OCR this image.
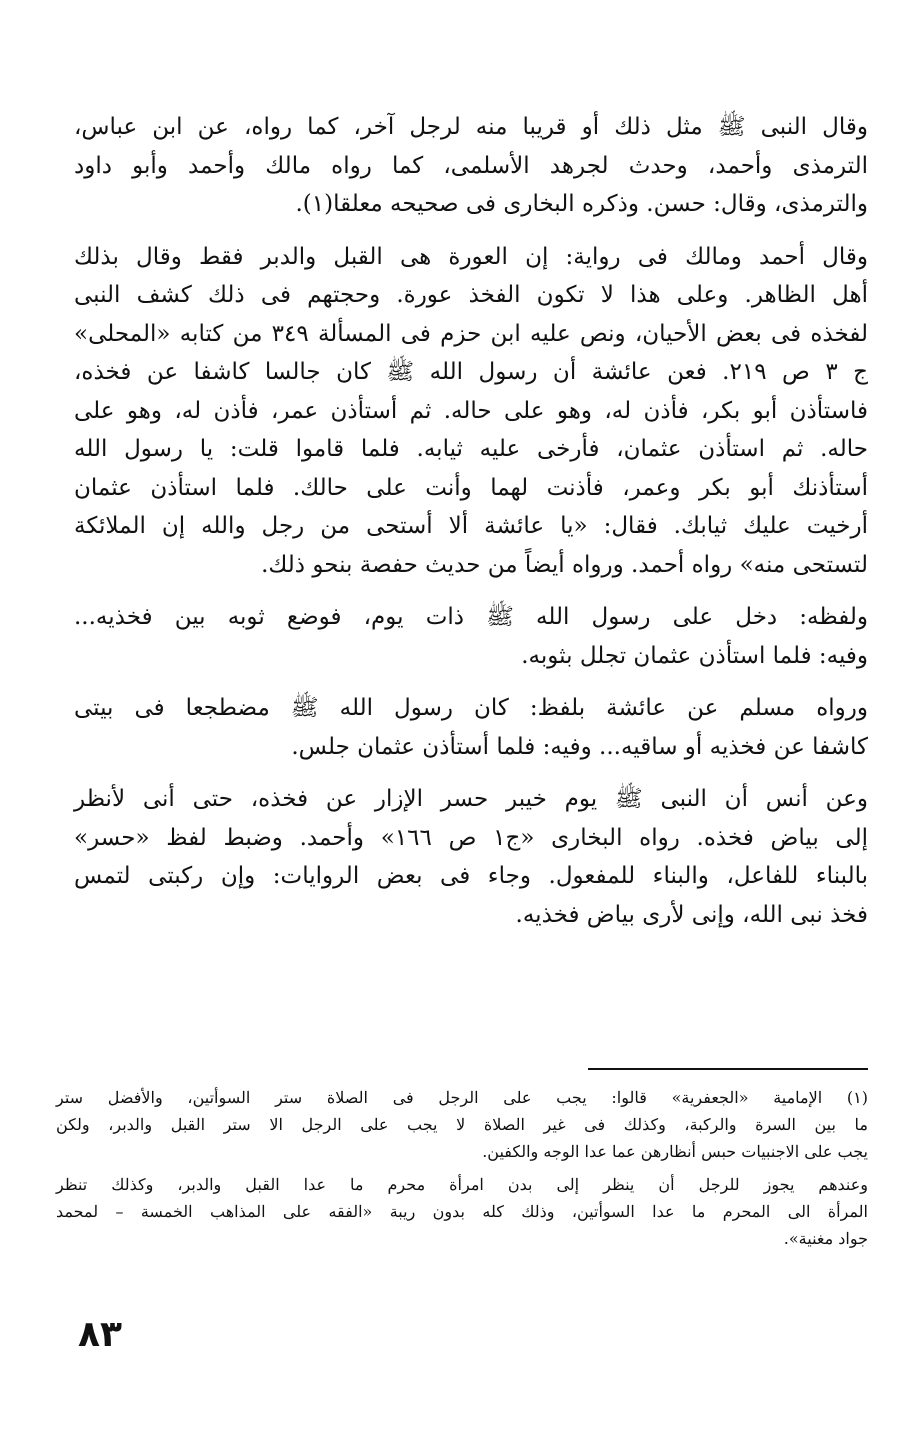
وقال النبى ﷺ مثل ذلك أو قريبا منه لرجل آخر، كما رواه، عن ابن عباس،
الترمذى وأحمد، وحدث لجرهد الأسلمى، كما رواه مالك وأحمد وأبو داود
والترمذى، وقال: حسن. وذكره البخارى فى صحيحه معلقا(١).

وقال أحمد ومالك فى رواية: إن العورة هى القبل والدبر فقط وقال بذلك
أهل الظاهر. وعلى هذا لا تكون الفخذ عورة. وحجتهم فى ذلك كشف النبى
لفخذه فى بعض الأحيان، ونص عليه ابن حزم فى المسألة ٣٤٩ من كتابه «المحلى»
ج ٣ ص ٢١٩. فعن عائشة أن رسول الله ﷺ كان جالسا كاشفا عن فخذه،
فاستأذن أبو بكر، فأذن له، وهو على حاله. ثم أستأذن عمر، فأذن له، وهو على
حاله. ثم استأذن عثمان، فأرخى عليه ثيابه. فلما قاموا قلت: يا رسول الله
أستأذنك أبو بكر وعمر، فأذنت لهما وأنت على حالك. فلما استأذن عثمان
أرخيت عليك ثيابك. فقال: «يا عائشة ألا أستحى من رجل والله إن الملائكة
لتستحى منه» رواه أحمد. ورواه أيضاً من حديث حفصة بنحو ذلك.

ولفظه: دخل على رسول الله ﷺ ذات يوم، فوضع ثوبه بين فخذيه...
وفيه: فلما استأذن عثمان تجلل بثوبه.

ورواه مسلم عن عائشة بلفظ: كان رسول الله ﷺ مضطجعا فى بيتى
كاشفا عن فخذيه أو ساقيه... وفيه: فلما أستأذن عثمان جلس.

وعن أنس أن النبى ﷺ يوم خيبر حسر الإزار عن فخذه، حتى أنى لأنظر
إلى بياض فخذه. رواه البخارى «ج١ ص ١٦٦» وأحمد. وضبط لفظ «حسر»
بالبناء للفاعل، والبناء للمفعول. وجاء فى بعض الروايات: وإن ركبتى لتمس
فخذ نبى الله، وإنى لأرى بياض فخذيه.

(١) الإمامية «الجعفرية» قالوا: يجب على الرجل فى الصلاة ستر السوأتين، والأفضل ستر
ما بين السرة والركبة، وكذلك فى غير الصلاة لا يجب على الرجل الا ستر القبل والدبر، ولكن
يجب على الاجنبيات حبس أنظارهن عما عدا الوجه والكفين.

وعندهم يجوز للرجل أن ينظر إلى بدن امرأة محرم ما عدا القبل والدبر، وكذلك تنظر
المرأة الى المحرم ما عدا السوأتين، وذلك كله بدون ريبة «الفقه على المذاهب الخمسة – لمحمد
جواد مغنية».

٨٣
